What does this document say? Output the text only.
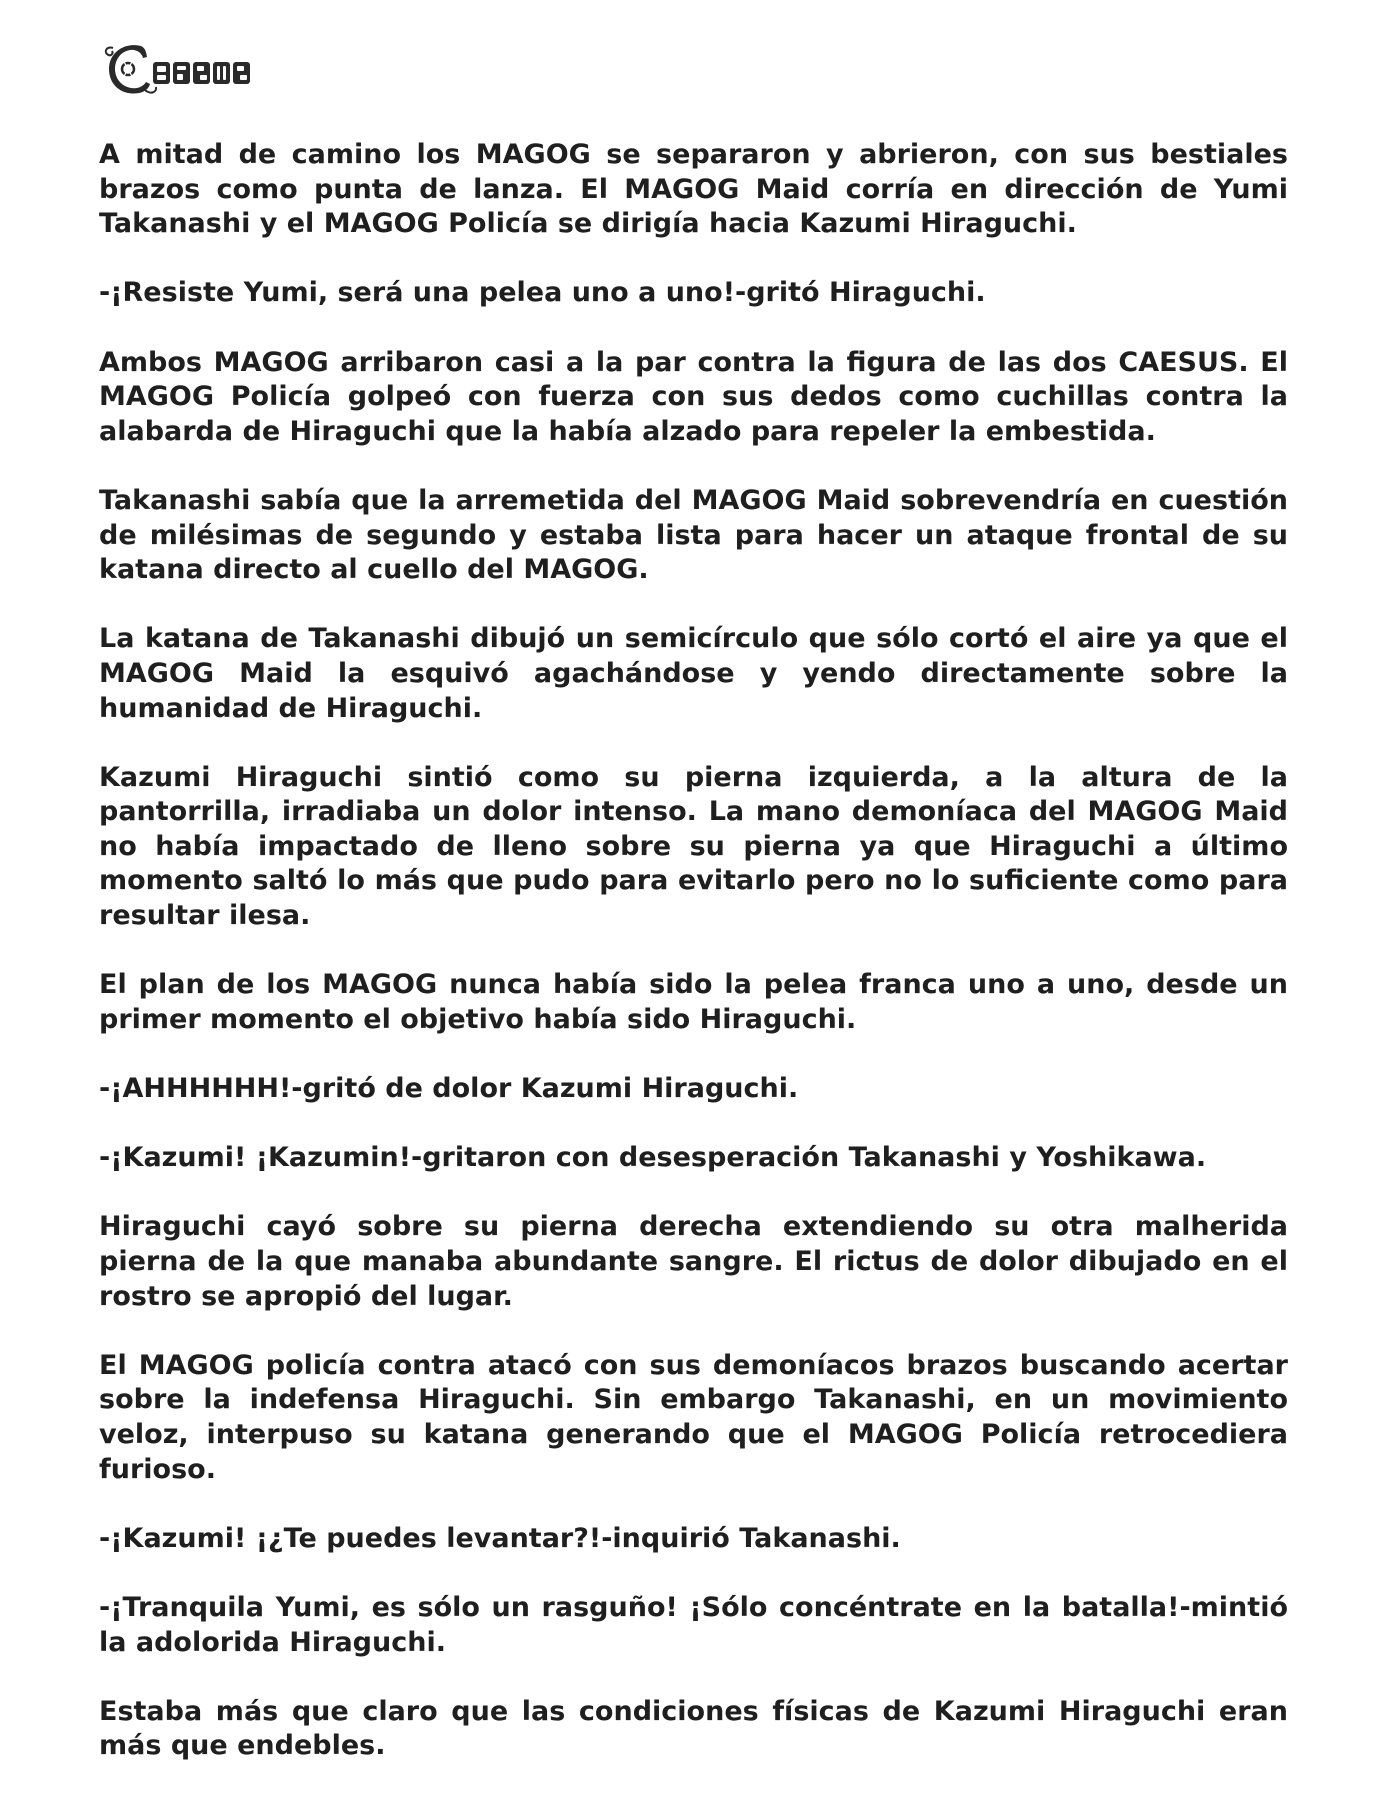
A mitad de camino los MAGOG se separaron y abrieron, con sus bestiales brazos como punta de lanza. El MAGOG Maid corría en dirección de Yumi Takanashi y el MAGOG Policía se dirigía hacia Kazumi Hiraguchi.

-¡Resiste Yumi, será una pelea uno a uno!-gritó Hiraguchi.

Ambos MAGOG arribaron casi a la par contra la figura de las dos CAESUS. El MAGOG Policía golpeó con fuerza con sus dedos como cuchillas contra la alabarda de Hiraguchi que la había alzado para repeler la embestida.

Takanashi sabía que la arremetida del MAGOG Maid sobrevendría en cuestión de milésimas de segundo y estaba lista para hacer un ataque frontal de su katana directo al cuello del MAGOG.

La katana de Takanashi dibujó un semicírculo que sólo cortó el aire ya que el MAGOG Maid la esquivó agachándose y yendo directamente sobre la humanidad de Hiraguchi.

Kazumi Hiraguchi sintió como su pierna izquierda, a la altura de la pantorrilla, irradiaba un dolor intenso. La mano demoníaca del MAGOG Maid no había impactado de lleno sobre su pierna ya que Hiraguchi a último momento saltó lo más que pudo para evitarlo pero no lo suficiente como para resultar ilesa.

El plan de los MAGOG nunca había sido la pelea franca uno a uno, desde un primer momento el objetivo había sido Hiraguchi.

-¡AHHHHHH!-gritó de dolor Kazumi Hiraguchi.

-¡Kazumi! ¡Kazumin!-gritaron con desesperación Takanashi y Yoshikawa.

Hiraguchi cayó sobre su pierna derecha extendiendo su otra malherida pierna de la que manaba abundante sangre. El rictus de dolor dibujado en el rostro se apropió del lugar.

El MAGOG policía contra atacó con sus demoníacos brazos buscando acertar sobre la indefensa Hiraguchi. Sin embargo Takanashi, en un movimiento veloz, interpuso su katana generando que el MAGOG Policía retrocediera furioso.

-¡Kazumi! ¡¿Te puedes levantar?!-inquirió Takanashi.

-¡Tranquila Yumi, es sólo un rasguño! ¡Sólo concéntrate en la batalla!-mintió la adolorida Hiraguchi.

Estaba más que claro que las condiciones físicas de Kazumi Hiraguchi eran más que endebles.
